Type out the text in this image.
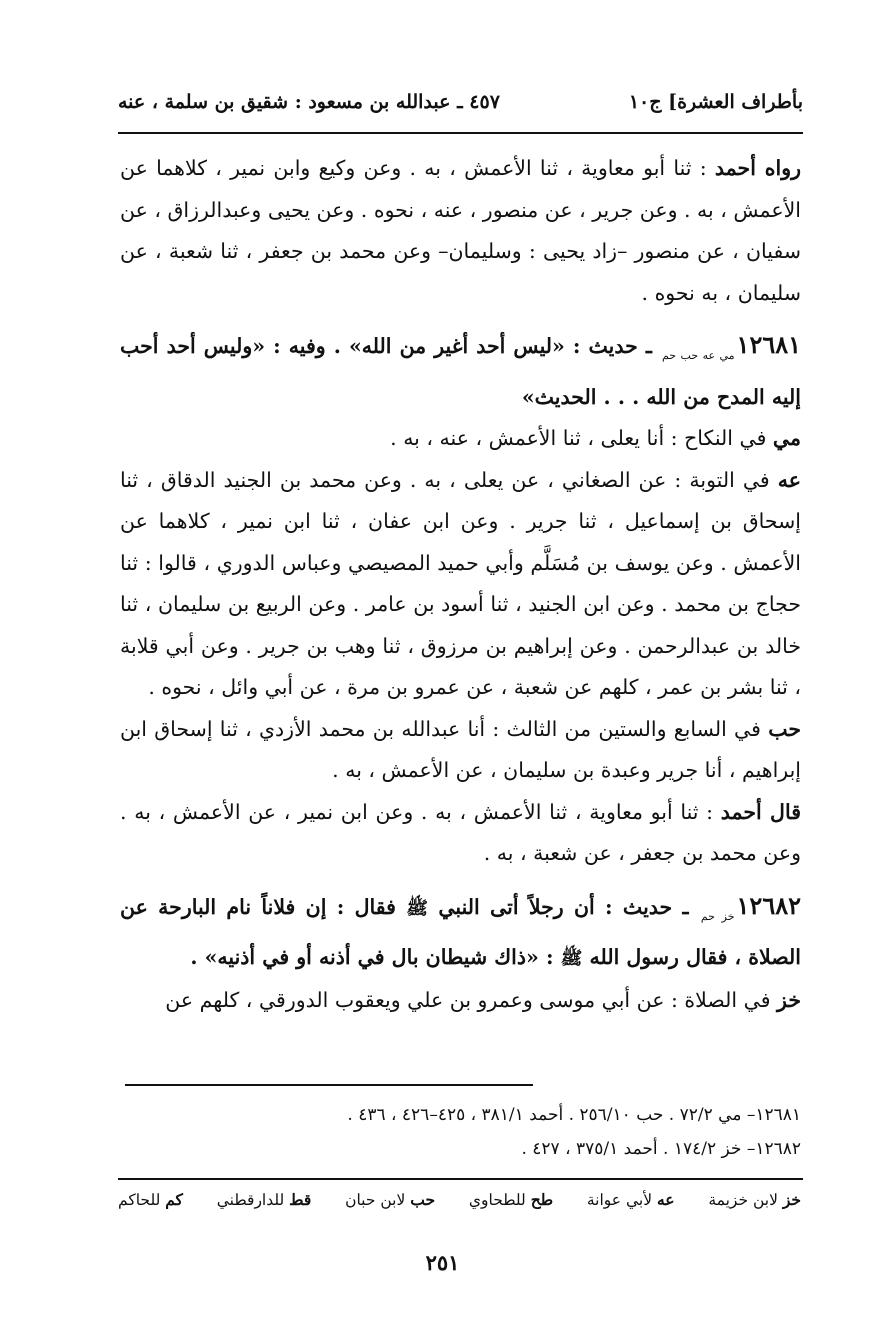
بأطراف العشرة] ج١٠
٤٥٧ ـ عبدالله بن مسعود : شقيق بن سلمة ، عنه

رواه أحمد : ثنا أبو معاوية ، ثنا الأعمش ، به . وعن وكيع وابن نمير ، كلاهما عن الأعمش ، به . وعن جرير ، عن منصور ، عنه ، نحوه . وعن يحيى وعبدالرزاق ، عن سفيان ، عن منصور –زاد يحيى : وسليمان– وعن محمد بن جعفر ، ثنا شعبة ، عن سليمان ، به نحوه .

$١٢٦٨١_{مي عه حب حم}$ ـ حديث : «ليس أحد أغير من الله» . وفيه : «وليس أحد أحب إليه المدح من الله . . . الحديث»

مي في النكاح : أنا يعلى ، ثنا الأعمش ، عنه ، به .

عه في التوبة : عن الصغاني ، عن يعلى ، به . وعن محمد بن الجنيد الدقاق ، ثنا إسحاق بن إسماعيل ، ثنا جرير . وعن ابن عفان ، ثنا ابن نمير ، كلاهما عن الأعمش . وعن يوسف بن مُسَلَّم وأبي حميد المصيصي وعباس الدوري ، قالوا : ثنا حجاج بن محمد . وعن ابن الجنيد ، ثنا أسود بن عامر . وعن الربيع بن سليمان ، ثنا خالد بن عبدالرحمن . وعن إبراهيم بن مرزوق ، ثنا وهب بن جرير . وعن أبي قلابة ، ثنا بشر بن عمر ، كلهم عن شعبة ، عن عمرو بن مرة ، عن أبي وائل ، نحوه .

حب في السابع والستين من الثالث : أنا عبدالله بن محمد الأزدي ، ثنا إسحاق ابن إبراهيم ، أنا جرير وعبدة بن سليمان ، عن الأعمش ، به .

قال أحمد : ثنا أبو معاوية ، ثنا الأعمش ، به . وعن ابن نمير ، عن الأعمش ، به . وعن محمد بن جعفر ، عن شعبة ، به .

$١٢٦٨٢_{خز حم}$ ـ حديث : أن رجلاً أتى النبي ﷺ فقال : إن فلاناً نام البارحة عن الصلاة ، فقال رسول الله ﷺ : «ذاك شيطان بال في أذنه أو في أذنيه» .

خز في الصلاة : عن أبي موسى وعمرو بن علي ويعقوب الدورقي ، كلهم عن

١٢٦٨١– مي ٧٢/٢ . حب ٢٥٦/١٠ . أحمد ٣٨١/١ ، ٤٢٥–٤٢٦ ، ٤٣٦ .
١٢٦٨٢– خز ١٧٤/٢ . أحمد ٣٧٥/١ ، ٤٢٧ .
خز لابن خزيمة
عه لأبي عوانة
طح للطحاوي
حب لابن حبان
قط للدارقطني
كم للحاكم
٢٥١
